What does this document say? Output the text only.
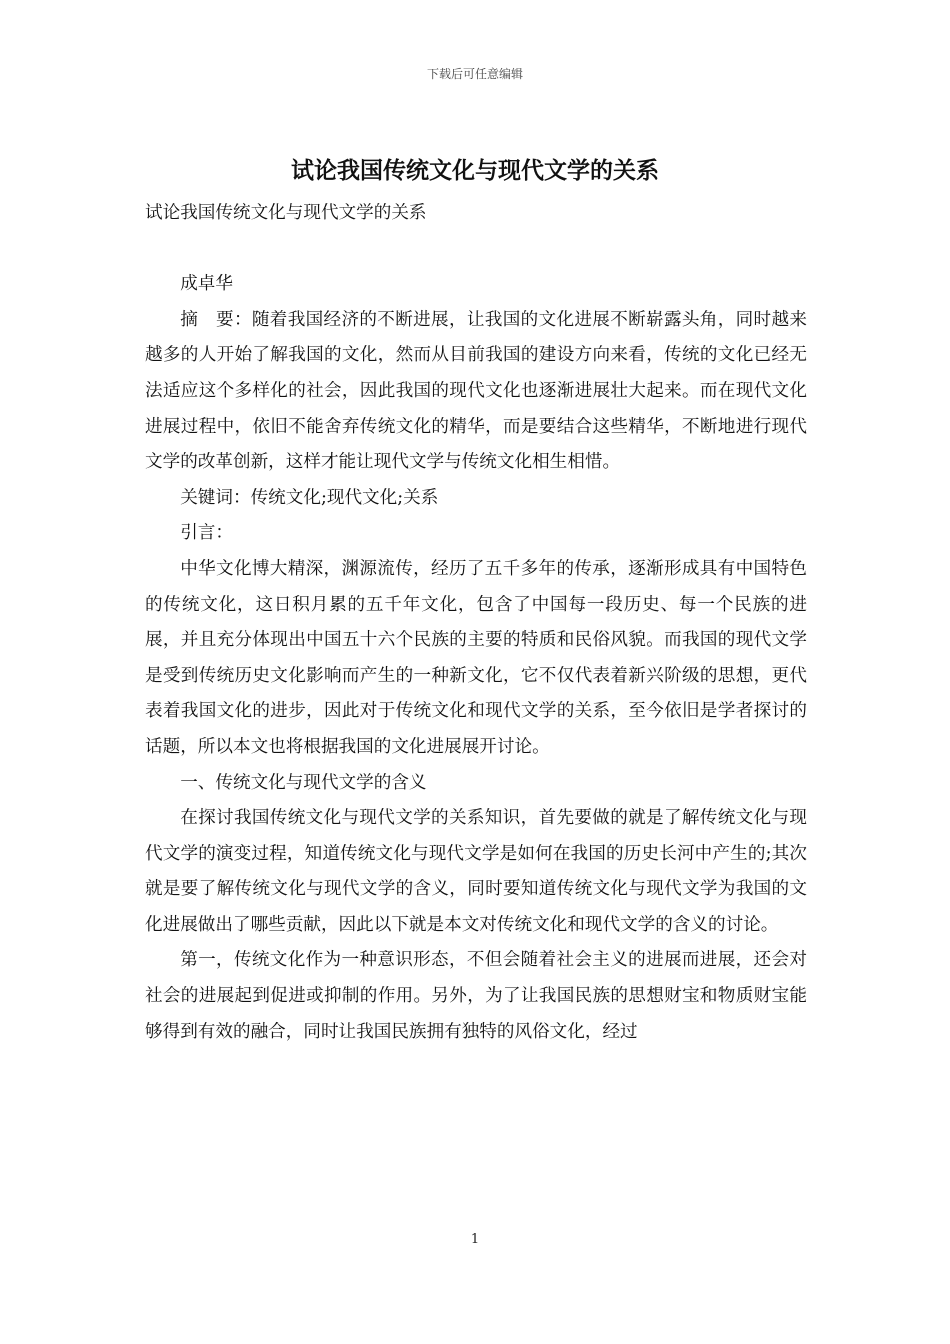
下载后可任意编辑
试论我国传统文化与现代文学的关系

试论我国传统文化与现代文学的关系

成卓华

摘　要：随着我国经济的不断进展，让我国的文化进展不断崭露头角，同时越来越多的人开始了解我国的文化，然而从目前我国的建设方向来看，传统的文化已经无法适应这个多样化的社会，因此我国的现代文化也逐渐进展壮大起来。而在现代文化进展过程中，依旧不能舍弃传统文化的精华，而是要结合这些精华，不断地进行现代文学的改革创新，这样才能让现代文学与传统文化相生相惜。

关键词：传统文化;现代文化;关系

引言：

中华文化博大精深，渊源流传，经历了五千多年的传承，逐渐形成具有中国特色的传统文化，这日积月累的五千年文化，包含了中国每一段历史、每一个民族的进展，并且充分体现出中国五十六个民族的主要的特质和民俗风貌。而我国的现代文学是受到传统历史文化影响而产生的一种新文化，它不仅代表着新兴阶级的思想，更代表着我国文化的进步，因此对于传统文化和现代文学的关系，至今依旧是学者探讨的话题，所以本文也将根据我国的文化进展展开讨论。

一、传统文化与现代文学的含义

在探讨我国传统文化与现代文学的关系知识，首先要做的就是了解传统文化与现代文学的演变过程，知道传统文化与现代文学是如何在我国的历史长河中产生的;其次就是要了解传统文化与现代文学的含义，同时要知道传统文化与现代文学为我国的文化进展做出了哪些贡献，因此以下就是本文对传统文化和现代文学的含义的讨论。

第一，传统文化作为一种意识形态，不但会随着社会主义的进展而进展，还会对社会的进展起到促进或抑制的作用。另外，为了让我国民族的思想财宝和物质财宝能够得到有效的融合，同时让我国民族拥有独特的风俗文化，经过

1
